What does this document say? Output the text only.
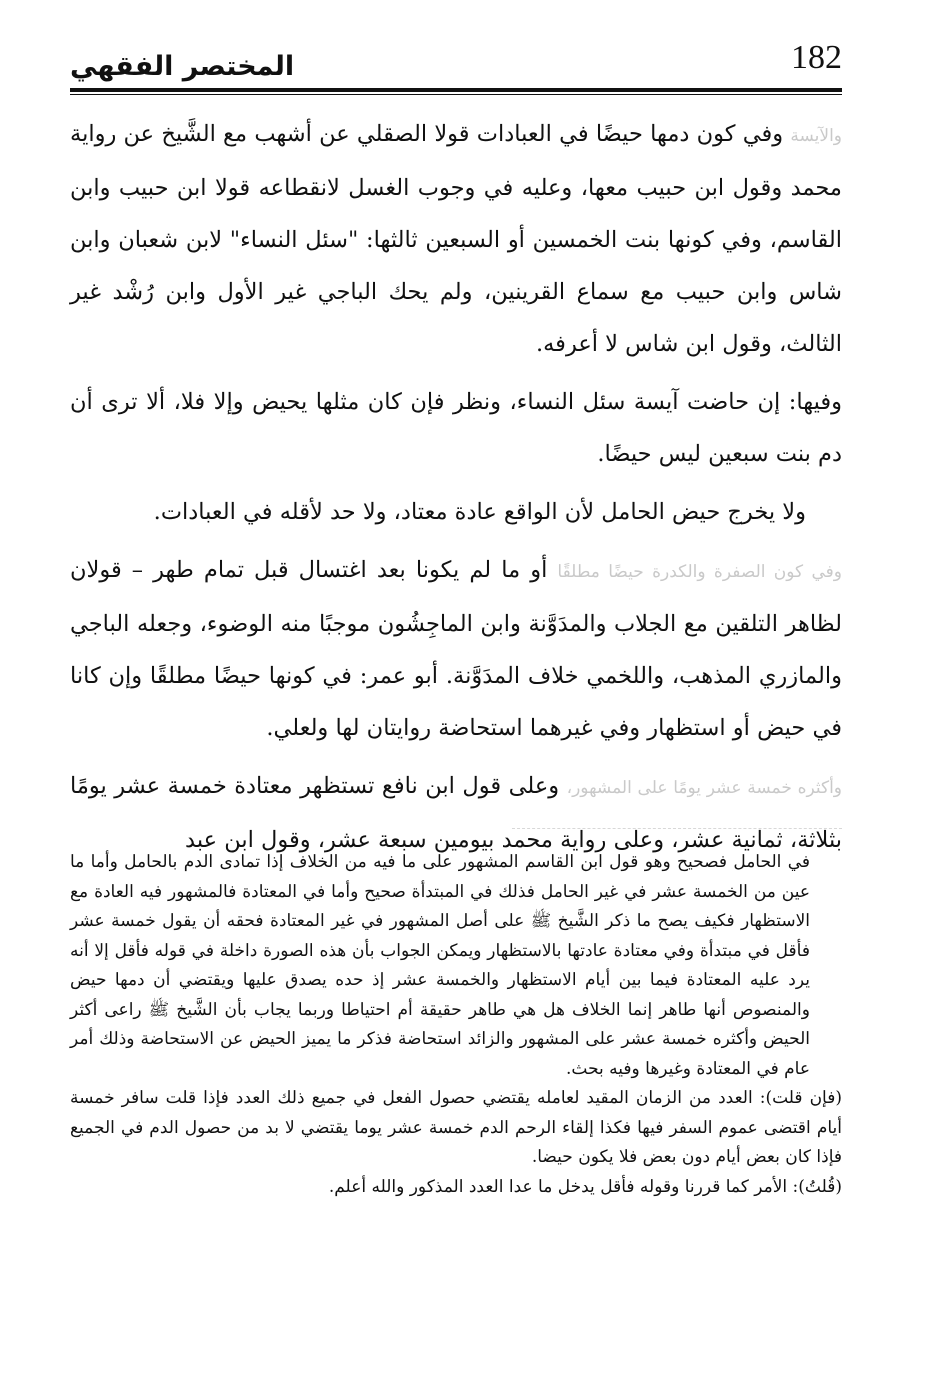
182
المختصر الفقهي

والآيسة وفي كون دمها حيضًا في العبادات قولا الصقلي عن أشهب مع الشَّيخ عن رواية محمد وقول ابن حبيب معها، وعليه في وجوب الغسل لانقطاعه قولا ابن حبيب وابن القاسم، وفي كونها بنت الخمسين أو السبعين ثالثها: "سئل النساء" لابن شعبان وابن شاس وابن حبيب مع سماع القرينين، ولم يحك الباجي غير الأول وابن رُشْد غير الثالث، وقول ابن شاس لا أعرفه.

وفيها: إن حاضت آيسة سئل النساء، ونظر فإن كان مثلها يحيض وإلا فلا، ألا ترى أن دم بنت سبعين ليس حيضًا.

ولا يخرج حيض الحامل لأن الواقع عادة معتاد، ولا حد لأقله في العبادات.

وفي كون الصفرة والكدرة حيضًا مطلقًا أو ما لم يكونا بعد اغتسال قبل تمام طهر – قولان لظاهر التلقين مع الجلاب والمدَوَّنة وابن الماجِشُون موجبًا منه الوضوء، وجعله الباجي والمازري المذهب، واللخمي خلاف المدَوَّنة. أبو عمر: في كونها حيضًا مطلقًا وإن كانا في حيض أو استظهار وفي غيرهما استحاضة روايتان لها ولعلي.

وأكثره خمسة عشر يومًا على المشهور، وعلى قول ابن نافع تستظهر معتادة خمسة عشر يومًا بثلاثة، ثمانية عشر، وعلى رواية محمد بيومين سبعة عشر، وقول ابن عبد

في الحامل فصحيح وهو قول ابن القاسم المشهور على ما فيه من الخلاف إذا تمادى الدم بالحامل وأما ما عين من الخمسة عشر في غير الحامل فذلك في المبتدأة صحيح وأما في المعتادة فالمشهور فيه العادة مع الاستظهار فكيف يصح ما ذكر الشَّيخ ﷺ على أصل المشهور في غير المعتادة فحقه أن يقول خمسة عشر فأقل في مبتدأة وفي معتادة عادتها بالاستظهار ويمكن الجواب بأن هذه الصورة داخلة في قوله فأقل إلا أنه يرد عليه المعتادة فيما بين أيام الاستظهار والخمسة عشر إذ حده يصدق عليها ويقتضي أن دمها حيض والمنصوص أنها طاهر إنما الخلاف هل هي طاهر حقيقة أم احتياطا وربما يجاب بأن الشَّيخ ﷺ راعى أكثر الحيض وأكثره خمسة عشر على المشهور والزائد استحاضة فذكر ما يميز الحيض عن الاستحاضة وذلك أمر عام في المعتادة وغيرها وفيه بحث.

(فإن قلت): العدد من الزمان المقيد لعامله يقتضي حصول الفعل في جميع ذلك العدد فإذا قلت سافر خمسة أيام اقتضى عموم السفر فيها فكذا إلقاء الرحم الدم خمسة عشر يوما يقتضي لا بد من حصول الدم في الجميع فإذا كان بعض أيام دون بعض فلا يكون حيضا.

(قُلتُ): الأمر كما قررنا وقوله فأقل يدخل ما عدا العدد المذكور والله أعلم.
